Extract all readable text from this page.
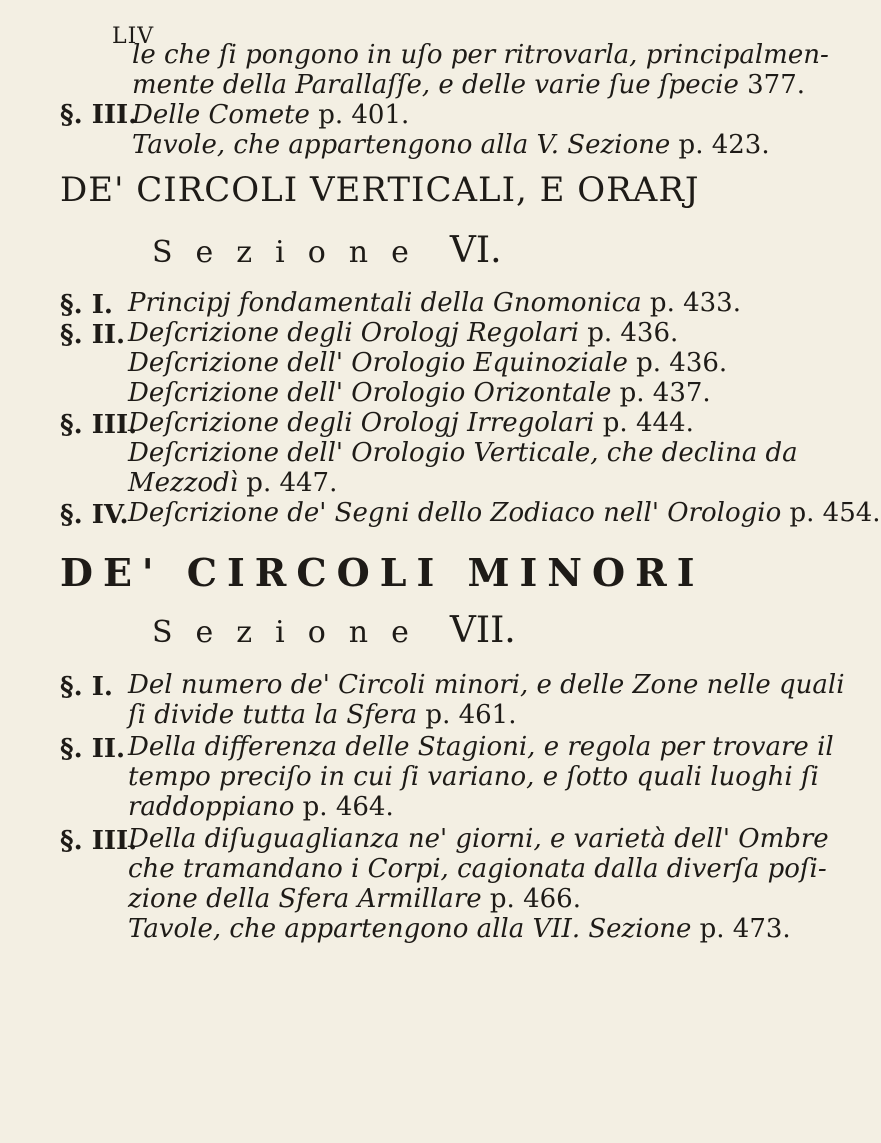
LIV
le che ſi pongono in uſo per ritrovarla, principalmen-
mente della Parallaſſe, e delle varie ſue ſpecie 377.
§. III.
Delle Comete p. 401.
Tavole, che appartengono alla V. Sezione p. 423.
DE' CIRCOLI VERTICALI, E ORARJ
Sezione VI.
§. I. Principj fondamentali della Gnomonica p. 433.
§. II. Deſcrizione degli Orologj Regolari p. 436.
Deſcrizione dell' Orologio Equinoziale p. 436.
Deſcrizione dell' Orologio Orizontale p. 437.
§. III.
Deſcrizione degli Orologj Irregolari p. 444.
Deſcrizione dell' Orologio Verticale, che declina da
Mezzodì p. 447.
§. IV. Deſcrizione de' Segni dello Zodiaco nell' Orologio p. 454.
DE' CIRCOLI MINORI
Sezione VII.
§. I. Del numero de' Circoli minori, e delle Zone nelle quali
ſi divide tutta la Sfera p. 461.
§. II. Della differenza delle Stagioni, e regola per trovare il
tempo preciſo in cui ſi variano, e ſotto quali luoghi ſi
raddoppiano p. 464.
§. III.
Della diſuguaglianza ne' giorni, e varietà dell' Ombre
che tramandano i Corpi, cagionata dalla diverſa poſi-
zione della Sfera Armillare p. 466.
Tavole, che appartengono alla VII. Sezione p. 473.
